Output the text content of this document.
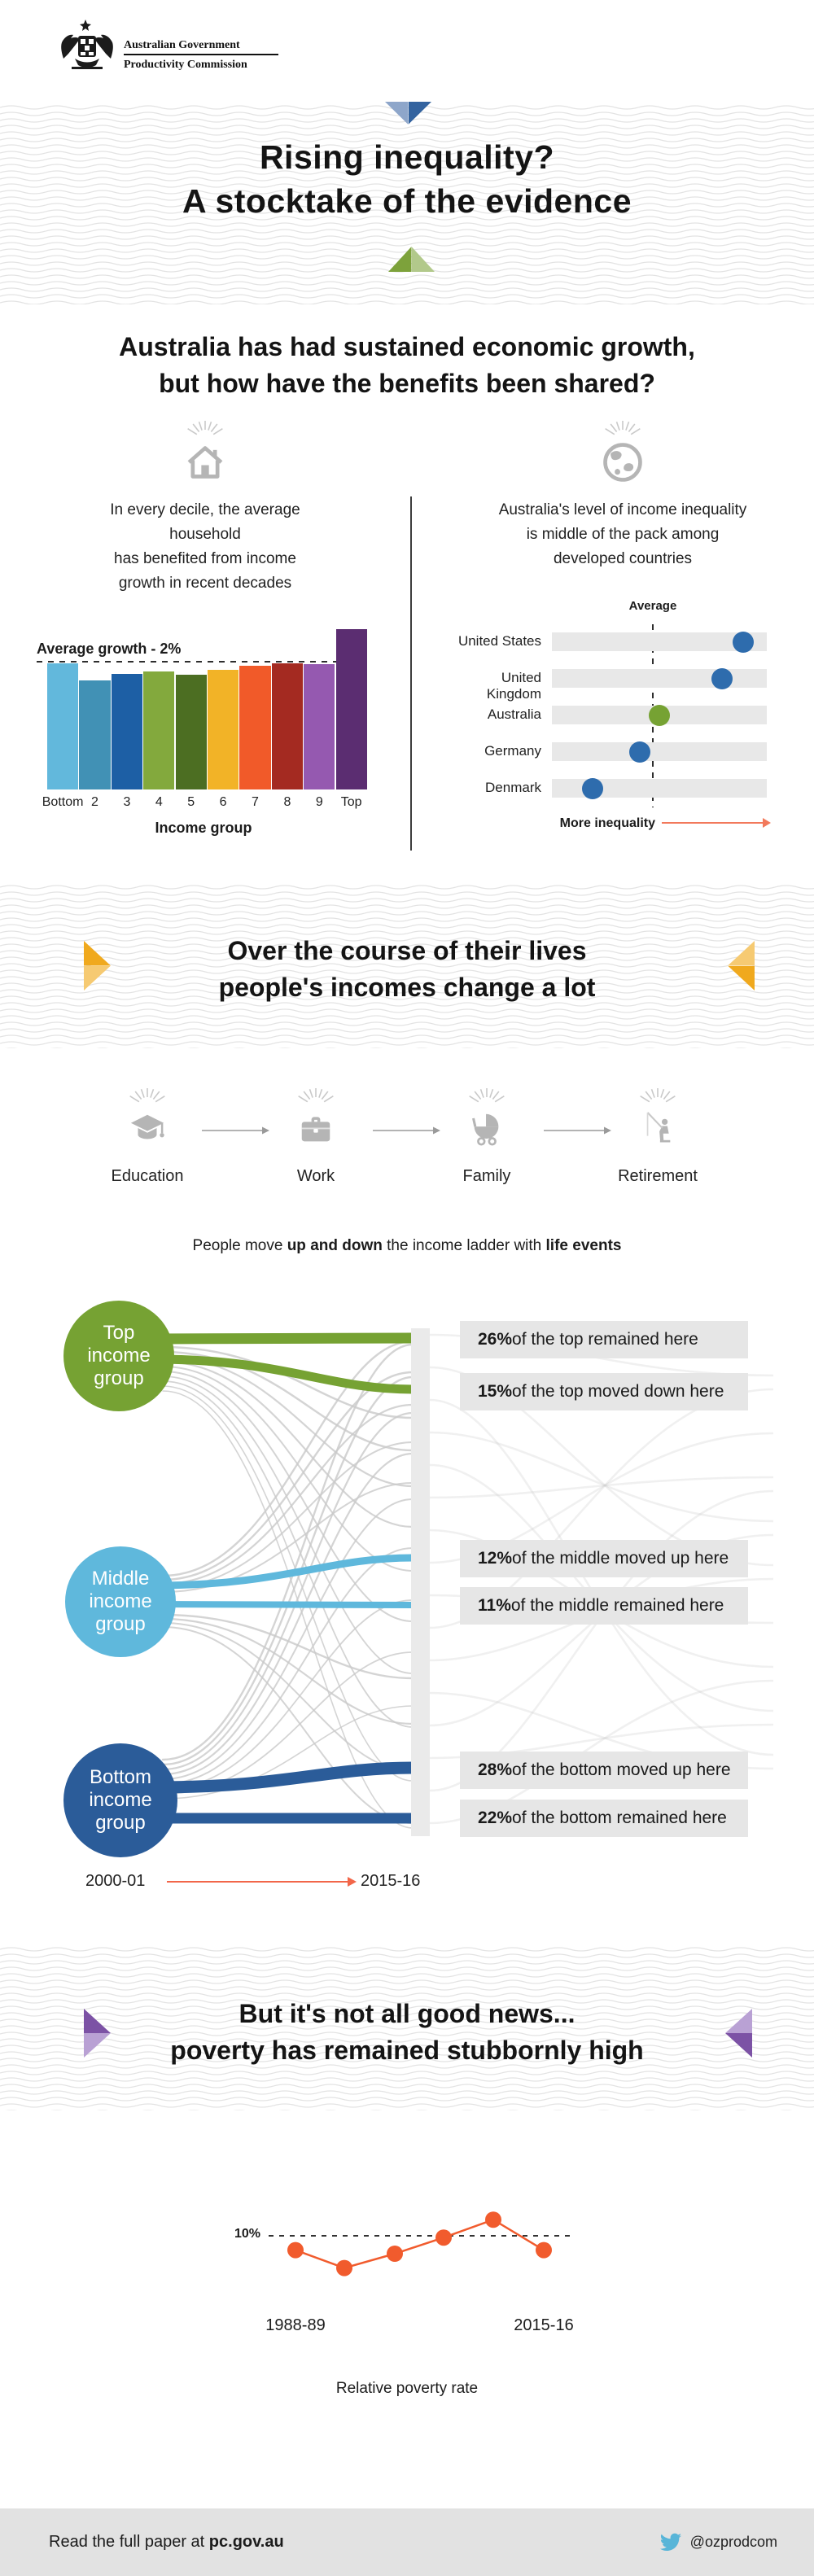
Australian Government
Productivity Commission
Rising inequality?
A stocktake of the evidence
Australia has had sustained economic growth,
but how have the benefits been shared?
In every decile, the average household
has benefited from income
growth in recent decades
Australia's level of income inequality
is middle of the pack among
developed countries
Average growth - 2%
Bottom 2	3	4	5	6	7	8	9	Top
Income group
Average
United States
United Kingdom
Australia
Germany
Denmark
More inequality
Over the course of their lives
people's incomes change a lot
Education	Work	Family	Retirement
People move up and down the income ladder with life events
Top
income
group
Middle
income
group
Bottom
income
group
26% of the top remained here
15% of the top moved down here
12% of the middle moved up here
11% of the middle remained here
28% of the bottom moved up here
22% of the bottom remained here
2000-01	2015-16
But it's not all good news...
poverty has remained stubbornly high
10%
1988-89	2015-16
Relative poverty rate
Read the full paper at pc.gov.au	@ozprodcom
